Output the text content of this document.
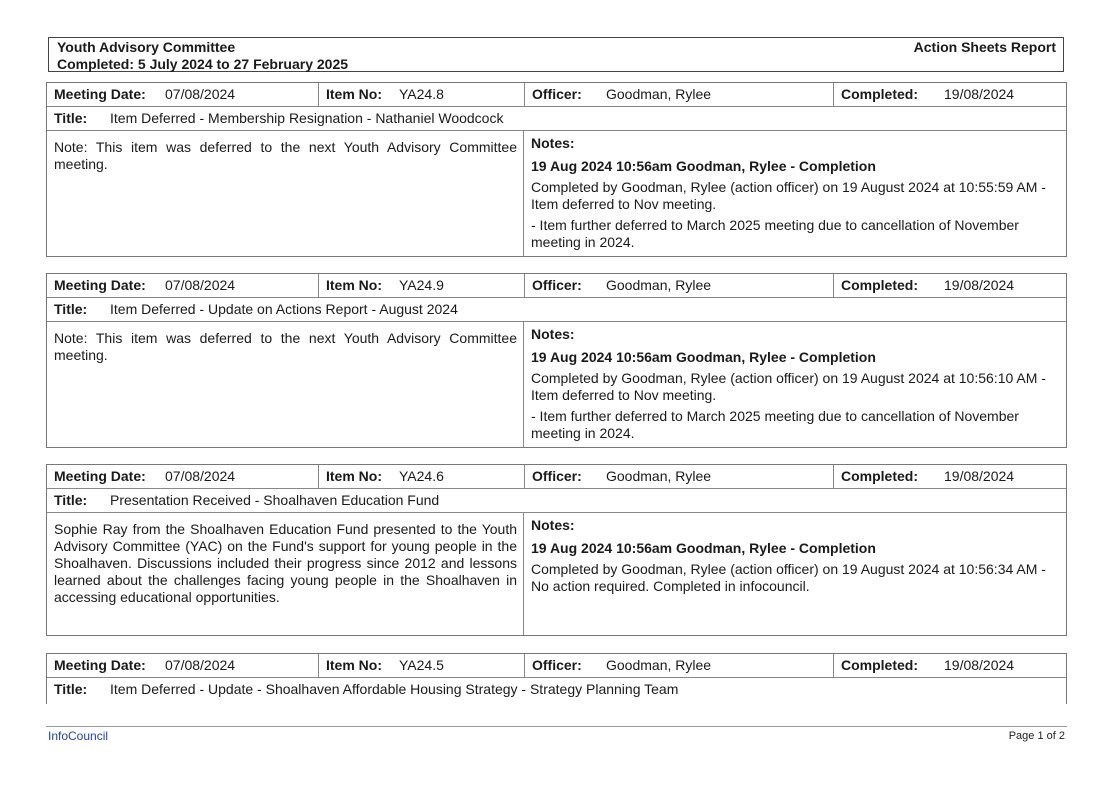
Youth Advisory Committee
Completed: 5 July 2024 to 27 February 2025
Action Sheets Report
Meeting Date: 07/08/2024	Item No: YA24.8	Officer: Goodman, Rylee	Completed: 19/08/2024
Title: Item Deferred - Membership Resignation - Nathaniel Woodcock
Note: This item was deferred to the next Youth Advisory Committee meeting.
Notes:
19 Aug 2024 10:56am Goodman, Rylee - Completion
Completed by Goodman, Rylee (action officer) on 19 August 2024 at 10:55:59 AM - Item deferred to Nov meeting.
- Item further deferred to March 2025 meeting due to cancellation of November meeting in 2024.
Meeting Date: 07/08/2024	Item No: YA24.9	Officer: Goodman, Rylee	Completed: 19/08/2024
Title: Item Deferred - Update on Actions Report - August 2024
Note: This item was deferred to the next Youth Advisory Committee meeting.
Notes:
19 Aug 2024 10:56am Goodman, Rylee - Completion
Completed by Goodman, Rylee (action officer) on 19 August 2024 at 10:56:10 AM - Item deferred to Nov meeting.
- Item further deferred to March 2025 meeting due to cancellation of November meeting in 2024.
Meeting Date: 07/08/2024	Item No: YA24.6	Officer: Goodman, Rylee	Completed: 19/08/2024
Title: Presentation Received - Shoalhaven Education Fund
Sophie Ray from the Shoalhaven Education Fund presented to the Youth Advisory Committee (YAC) on the Fund's support for young people in the Shoalhaven. Discussions included their progress since 2012 and lessons learned about the challenges facing young people in the Shoalhaven in accessing educational opportunities.
Notes:
19 Aug 2024 10:56am Goodman, Rylee - Completion
Completed by Goodman, Rylee (action officer) on 19 August 2024 at 10:56:34 AM - No action required. Completed in infocouncil.
Meeting Date: 07/08/2024	Item No: YA24.5	Officer: Goodman, Rylee	Completed: 19/08/2024
Title: Item Deferred - Update - Shoalhaven Affordable Housing Strategy - Strategy Planning Team
InfoCouncil	Page 1 of 2
